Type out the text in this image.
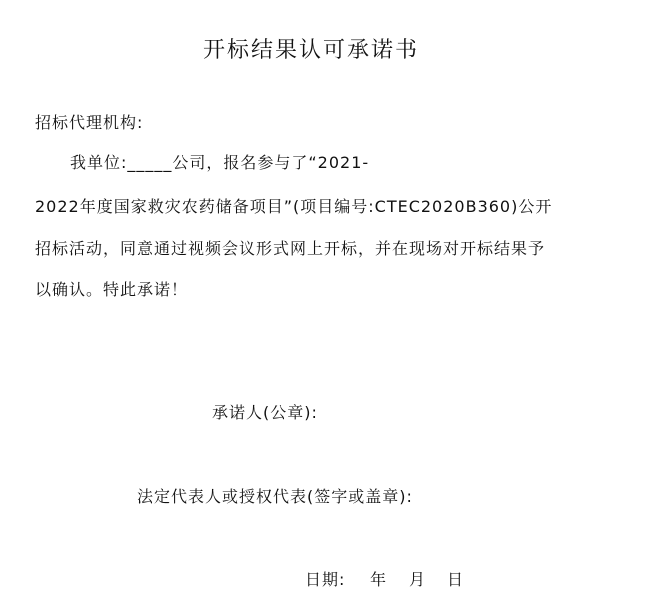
开标结果认可承诺书
招标代理机构:
我单位:_____公司，报名参与了“2021-
2022年度国家救灾农药储备项目”(项目编号:CTEC2020B360)公开
招标活动，同意通过视频会议形式网上开标，并在现场对开标结果予
以确认。特此承诺！
承诺人(公章):
法定代表人或授权代表(签字或盖章):
日期: 年 月 日
